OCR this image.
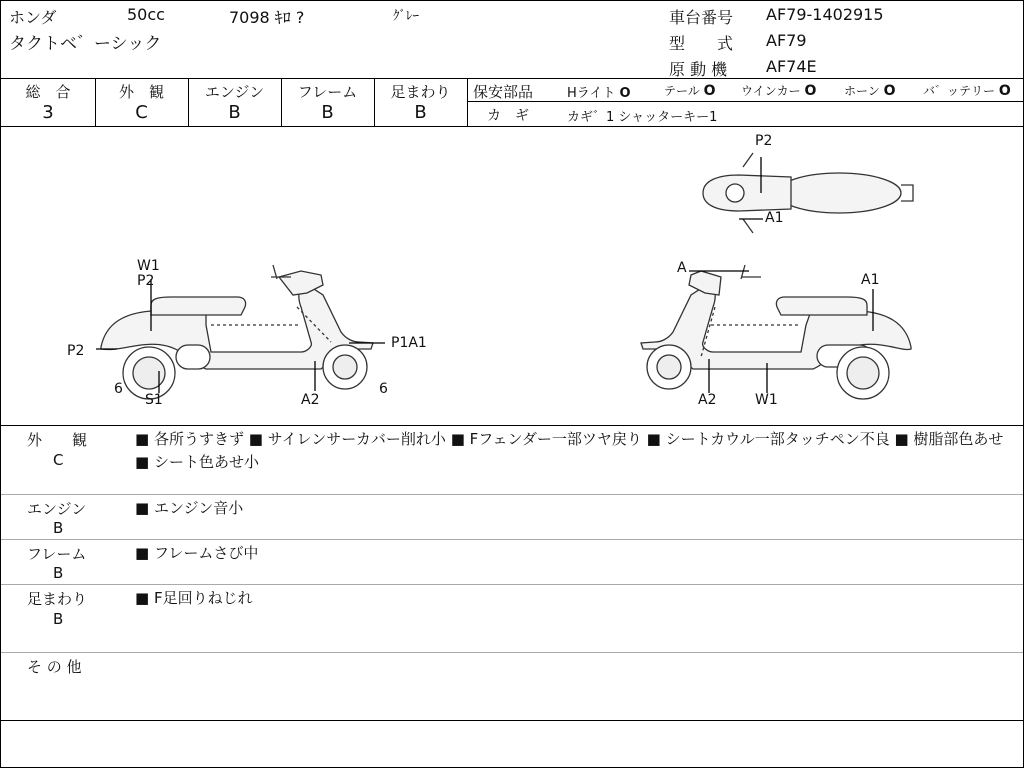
ホンダ	50cc	7098 ｷﾛ ?	ｸﾞﾚｰ
タクトベ゛ーシック
車台番号 AF79-1402915
型　　式 AF79
原 動 機 AF74E
総　合
3
外　観
C
エンジン
B
フレーム
B
足まわり
B
保安部品	Hライト O	テール O ウインカー O ホーン O バ゛ッテリー O
カ　ギ	カギ゛1 シャッターキー1
W1
P2
P2
6
S1	A2
P1A1
6
P2
A1
A
A1
A2	W1
外　　観
C
■ 各所うすきず ■ サイレンサーカバー削れ小 ■ Fフェンダー一部ツヤ戻り ■ シートカウル一部タッチペン不良 ■ 樹脂部色あせ ■ シート色あせ小
エンジン
B
■ エンジン音小
フレーム
B
■ フレームさび中
足まわり
B
■ F足回りねじれ
そ の 他
